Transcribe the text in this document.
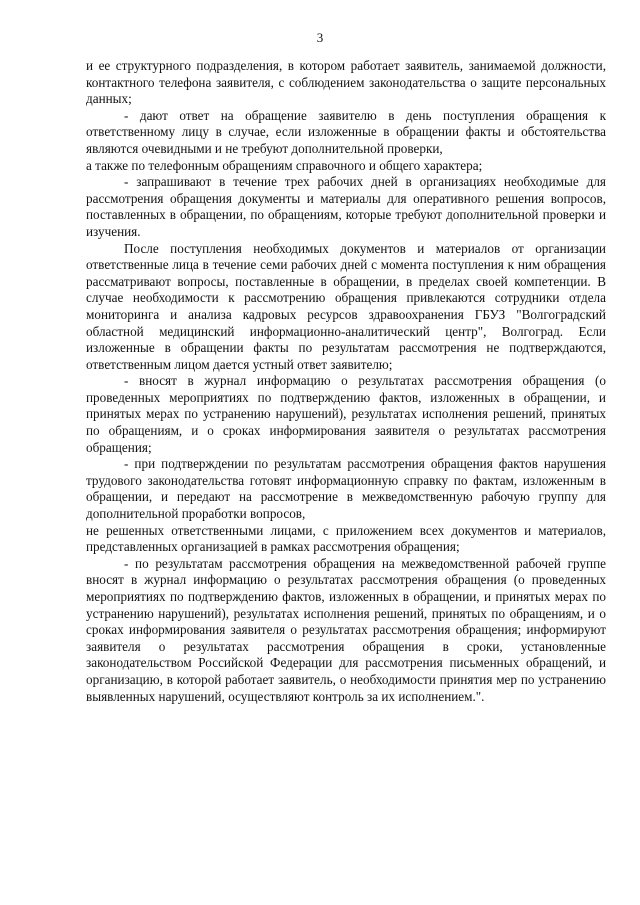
3

и ее структурного подразделения, в котором работает заявитель, занимаемой должности, контактного телефона заявителя, с соблюдением законодательства о защите персональных данных;

- дают ответ на обращение заявителю в день поступления обращения к ответственному лицу в случае, если изложенные в обращении факты и обстоятельства являются очевидными и не требуют дополнительной проверки,

а также по телефонным обращениям справочного и общего характера;

- запрашивают в течение трех рабочих дней в организациях необходимые для рассмотрения обращения документы и материалы для оперативного решения вопросов, поставленных в обращении, по обращениям, которые требуют дополнительной проверки и изучения.

После поступления необходимых документов и материалов от организации ответственные лица в течение семи рабочих дней с момента поступления к ним обращения рассматривают вопросы, поставленные в обращении, в пределах своей компетенции. В случае необходимости к рассмотрению обращения привлекаются сотрудники отдела мониторинга и анализа кадровых ресурсов здравоохранения ГБУЗ "Волгоградский областной медицинский информационно-аналитический центр", Волгоград. Если изложенные в обращении факты по результатам рассмотрения не подтверждаются, ответственным лицом дается устный ответ заявителю;

- вносят в журнал информацию о результатах рассмотрения обращения (о проведенных мероприятиях по подтверждению фактов, изложенных в обращении, и принятых мерах по устранению нарушений), результатах исполнения решений, принятых по обращениям, и о сроках информирования заявителя о результатах рассмотрения обращения;

- при подтверждении по результатам рассмотрения обращения фактов нарушения трудового законодательства готовят информационную справку по фактам, изложенным в обращении, и передают на рассмотрение в межведомственную рабочую группу для дополнительной проработки вопросов,

не решенных ответственными лицами, с приложением всех документов и материалов, представленных организацией в рамках рассмотрения обращения;

- по результатам рассмотрения обращения на межведомственной рабочей группе вносят в журнал информацию о результатах рассмотрения обращения (о проведенных мероприятиях по подтверждению фактов, изложенных в обращении, и принятых мерах по устранению нарушений), результатах исполнения решений, принятых по обращениям, и о сроках информирования заявителя о результатах рассмотрения обращения; информируют заявителя о результатах рассмотрения обращения в сроки, установленные законодательством Российской Федерации для рассмотрения письменных обращений, и организацию, в которой работает заявитель, о необходимости принятия мер по устранению выявленных нарушений, осуществляют контроль за их исполнением.".
